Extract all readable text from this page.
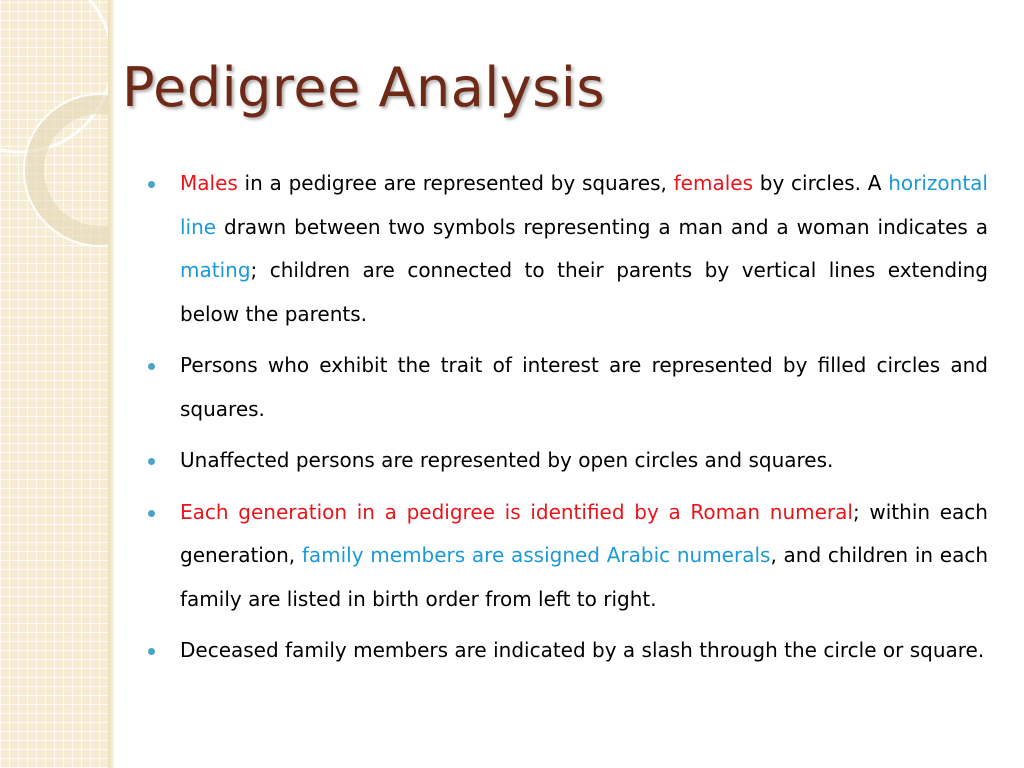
Pedigree Analysis
Males in a pedigree are represented by squares, females by circles. A horizontal line drawn between two symbols representing a man and a woman indicates a mating; children are connected to their parents by vertical lines extending below the parents.
Persons who exhibit the trait of interest are represented by filled circles and squares.
Unaffected persons are represented by open circles and squares.
Each generation in a pedigree is identified by a Roman numeral; within each generation, family members are assigned Arabic numerals, and children in each family are listed in birth order from left to right.
Deceased family members are indicated by a slash through the circle or square.
